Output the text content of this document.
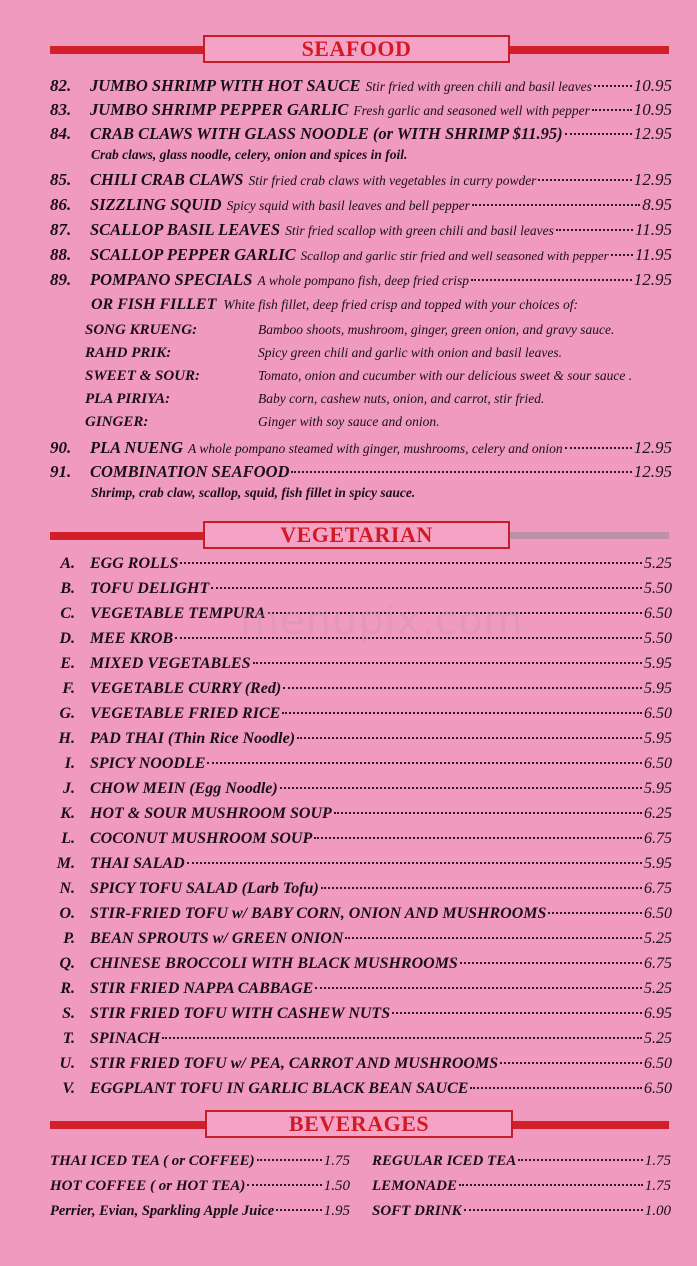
SEAFOOD
82.	JUMBO SHRIMP WITH HOT SAUCE Stir fried with green chili and basil leaves 10.95
83.	JUMBO SHRIMP PEPPER GARLIC Fresh garlic and seasoned well with pepper	10.95
84.	CRAB CLAWS WITH GLASS NOODLE (or WITH SHRIMP $11.95)	12.95
Crab claws, glass noodle, celery, onion and spices in foil.
85.	CHILI CRAB CLAWS Stir fried crab claws with vegetables in curry powder	12.95
86.	SIZZLING SQUID Spicy squid with basil leaves and bell pepper	8.95
87.	SCALLOP BASIL LEAVES Stir fried scallop with green chili and basil leaves	11.95
88.	SCALLOP PEPPER GARLIC Scallop and garlic stir fried and well seasoned with pepper 11.95
89.	POMPANO SPECIALS A whole pompano fish, deep fried crisp	12.95
OR FISH FILLET White fish fillet, deep fried crisp and topped with your choices of:
SONG KRUENG:	Bamboo shoots, mushroom, ginger, green onion, and gravy sauce.
RAHD PRIK:	Spicy green chili and garlic with onion and basil leaves.
SWEET & SOUR:	Tomato, onion and cucumber with our delicious sweet & sour sauce .
PLA PIRIYA:	Baby corn, cashew nuts, onion, and carrot, stir fried.
GINGER:	Ginger with soy sauce and onion.
90.	PLA NUENG A whole pompano steamed with ginger, mushrooms, celery and onion	12.95
91.	COMBINATION SEAFOOD	12.95
Shrimp, crab claw, scallop, squid, fish fillet in spicy sauce.
VEGETARIAN
A. EGG ROLLS	5.25
B. TOFU DELIGHT	5.50
C. VEGETABLE TEMPURA	6.50
D. MEE KROB	5.50
E. MIXED VEGETABLES	5.95
F. VEGETABLE CURRY (Red)	5.95
G. VEGETABLE FRIED RICE	6.50
H. PAD THAI (Thin Rice Noodle)	5.95
I. SPICY NOODLE	6.50
J. CHOW MEIN (Egg Noodle)	5.95
K. HOT & SOUR MUSHROOM SOUP	6.25
L. COCONUT MUSHROOM SOUP	6.75
M. THAI SALAD	5.95
N. SPICY TOFU SALAD (Larb Tofu)	6.75
O. STIR-FRIED TOFU w/ BABY CORN, ONION AND MUSHROOMS	6.50
P. BEAN SPROUTS w/ GREEN ONION	5.25
Q. CHINESE BROCCOLI WITH BLACK MUSHROOMS	6.75
R. STIR FRIED NAPPA CABBAGE	5.25
S. STIR FRIED TOFU WITH CASHEW NUTS	6.95
T. SPINACH	5.25
U. STIR FRIED TOFU w/ PEA, CARROT AND MUSHROOMS	6.50
V. EGGPLANT TOFU IN GARLIC BLACK BEAN SAUCE	6.50
menupix.com
BEVERAGES
THAI ICED TEA ( or COFFEE)	1.75
HOT COFFEE ( or HOT TEA)	1.50
Perrier, Evian, Sparkling Apple Juice	1.95
REGULAR ICED TEA	1.75
LEMONADE	1.75
SOFT DRINK	1.00
